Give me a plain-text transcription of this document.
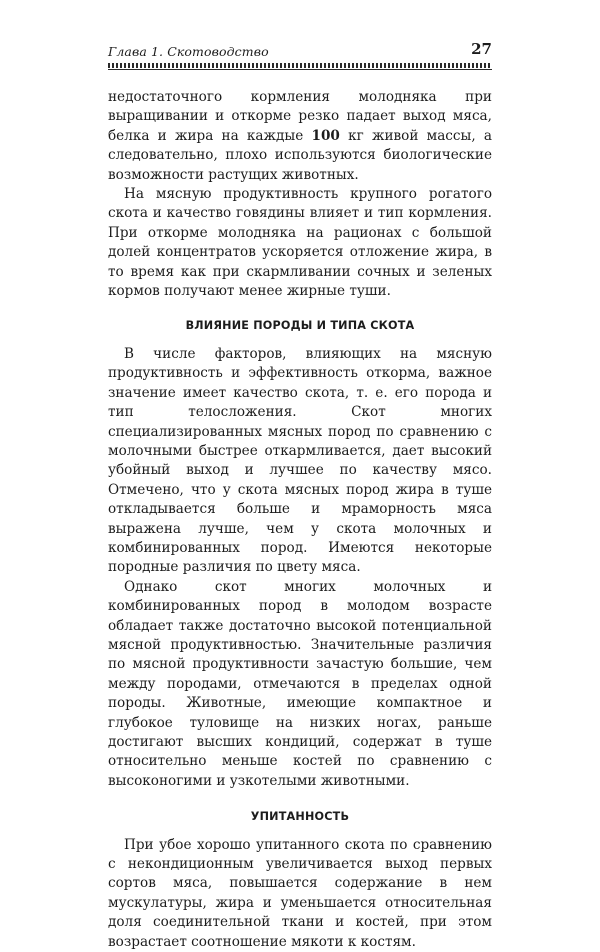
Глава 1. Скотоводство	27

недостаточного кормления молодняка при выращивании и откорме резко падает выход мяса, белка и жира на каждые 100 кг живой массы, а следовательно, плохо используются биологические возможности растущих животных.

На мясную продуктивность крупного рогатого скота и качество говядины влияет и тип кормления. При откорме молодняка на рационах с большой долей концентратов ускоряется отложение жира, в то время как при скармливании сочных и зеленых кормов получают менее жирные туши.

ВЛИЯНИЕ ПОРОДЫ И ТИПА СКОТА

В числе факторов, влияющих на мясную продуктивность и эффективность откорма, важное значение имеет качество скота, т. е. его порода и тип телосложения. Скот многих специализированных мясных пород по сравнению с молочными быстрее откармливается, дает высокий убойный выход и лучшее по качеству мясо. Отмечено, что у скота мясных пород жира в туше откладывается больше и мраморность мяса выражена лучше, чем у скота молочных и комбинированных пород. Имеются некоторые породные различия по цвету мяса.

Однако скот многих молочных и комбинированных пород в молодом возрасте обладает также достаточно высокой потенциальной мясной продуктивностью. Значительные различия по мясной продуктивности зачастую большие, чем между породами, отмечаются в пределах одной породы. Животные, имеющие компактное и глубокое туловище на низких ногах, раньше достигают высших кондиций, содержат в туше относительно меньше костей по сравнению с высоконогими и узкотелыми животными.

УПИТАННОСТЬ

При убое хорошо упитанного скота по сравнению с некондиционным увеличивается выход первых сортов мяса, повышается содержание в нем мускулатуры, жира и уменьшается относительная доля соединительной ткани и костей, при этом возрастает соотношение мякоти к костям.
